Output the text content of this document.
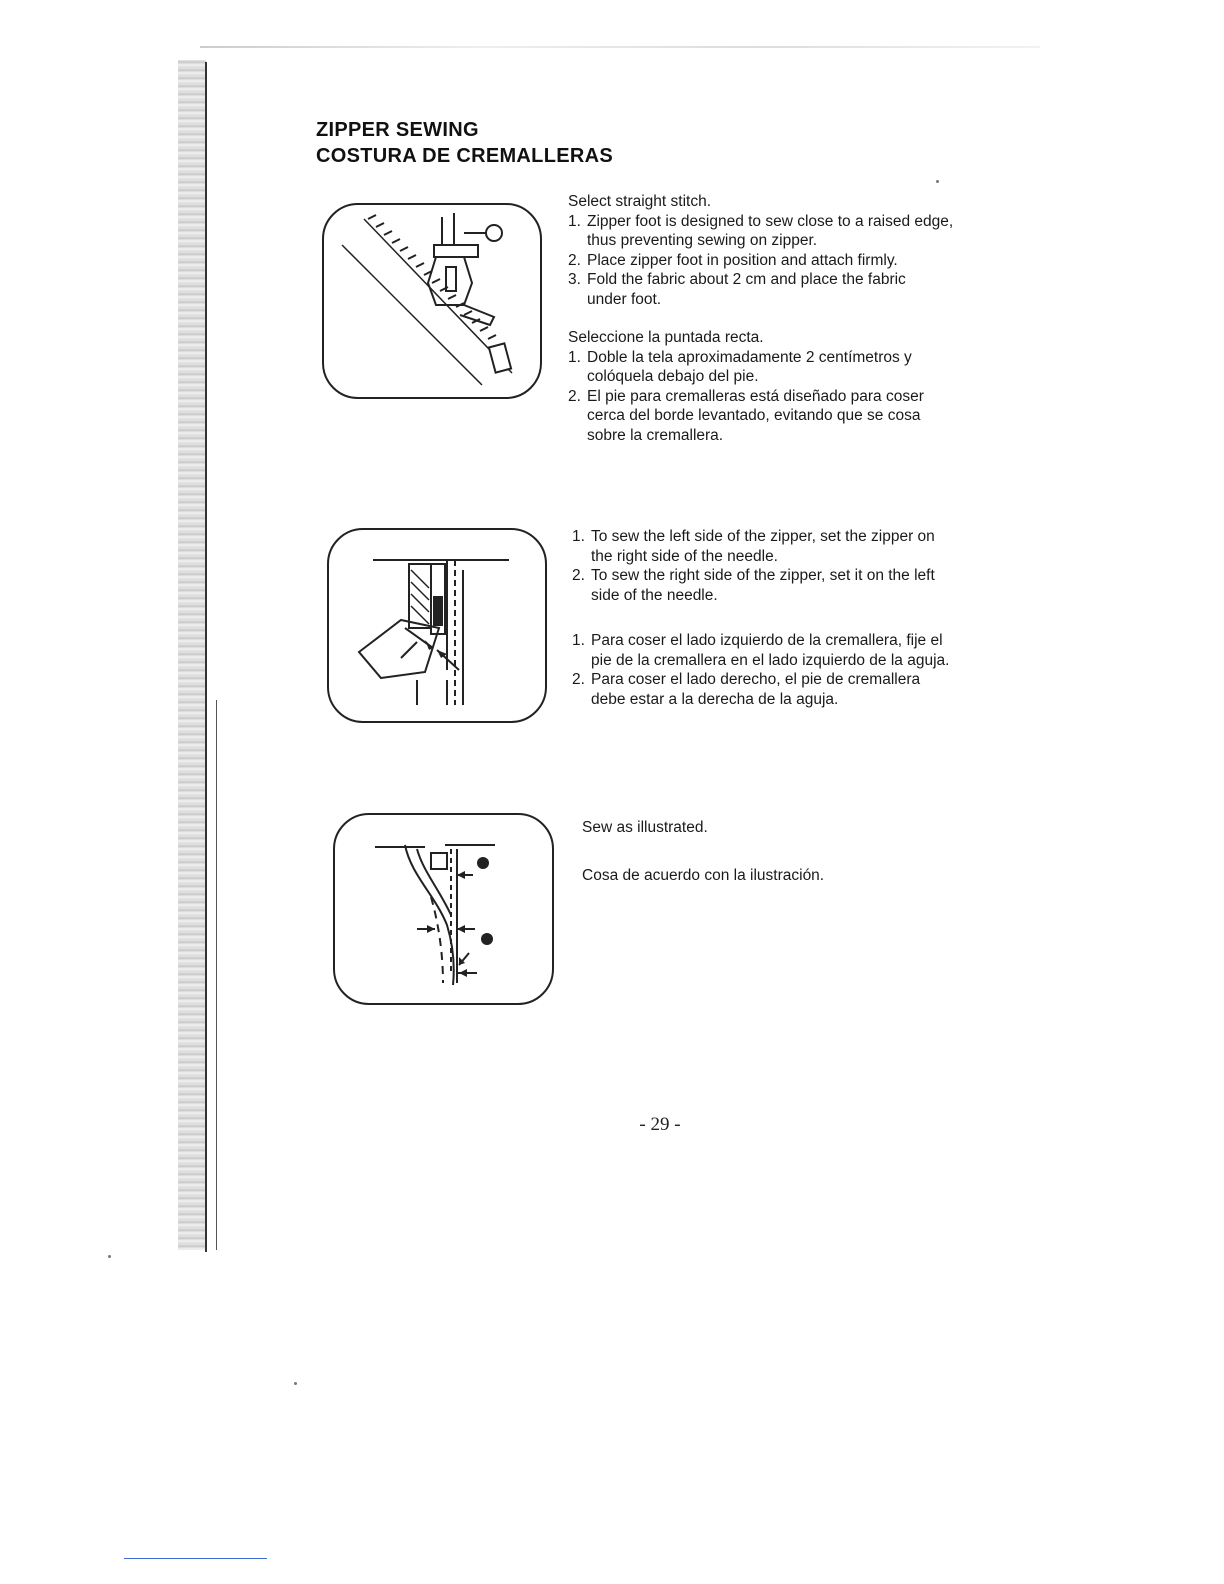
ZIPPER SEWING
COSTURA DE CREMALLERAS
Select straight stitch.
1. Zipper foot is designed to sew close to a raised edge,
thus preventing sewing on zipper.
2. Place zipper foot in position and attach firmly.
3. Fold the fabric about 2 cm and place the fabric
under foot.
Seleccione la puntada recta.
1. Doble la tela aproximadamente 2 centímetros y
colóquela debajo del pie.
2. El pie para cremalleras está diseñado para coser
cerca del borde levantado, evitando que se cosa
sobre la cremallera.
1. To sew the left side of the zipper, set the zipper on
the right side of the needle.
2. To sew the right side of the zipper, set it on the left
side of the needle.
1. Para coser el lado izquierdo de la cremallera, fije el
pie de la cremallera en el lado izquierdo de la aguja.
2. Para coser el lado derecho, el pie de cremallera
debe estar a la derecha de la aguja.
Sew as illustrated.
Cosa de acuerdo con la ilustración.
- 29 -
